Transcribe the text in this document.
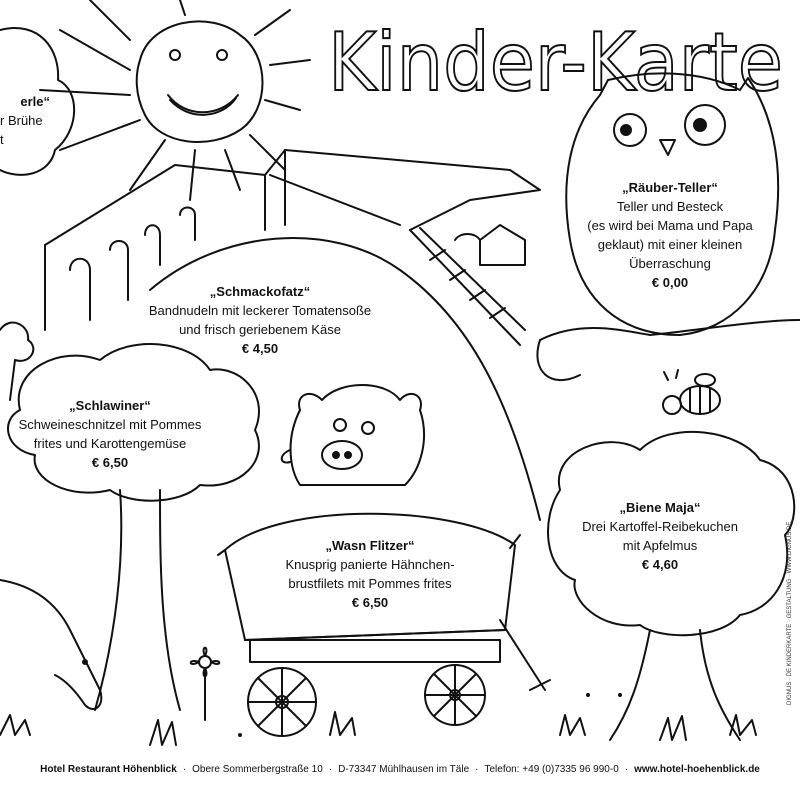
Kinder-Karte
erle“
r Brühe
t
„Räuber-Teller“
Teller und Besteck
(es wird bei Mama und Papa
geklaut) mit einer kleinen
Überraschung
€ 0,00
„Schmackofatz“
Bandnudeln mit leckerer Tomatensoße
und frisch geriebenem Käse
€ 4,50
„Schlawiner“
Schweineschnitzel mit Pommes
frites und Karottengemüse
€ 6,50
„Wasn Flitzer“
Knusprig panierte Hähnchen-
brustfilets mit Pommes frites
€ 6,50
„Biene Maja“
Drei Kartoffel-Reibekuchen
mit Apfelmus
€ 4,60	DIGNUS · DE KINDERKARTE · GESTALTUNG · WWW.DIGNUS.DE
Hotel Restaurant Höhenblick · Obere Sommerbergstraße 10 · D-73347 Mühlhausen im Täle · Telefon: +49 (0)7335 96 990-0 · www.hotel-hoehenblick.de
